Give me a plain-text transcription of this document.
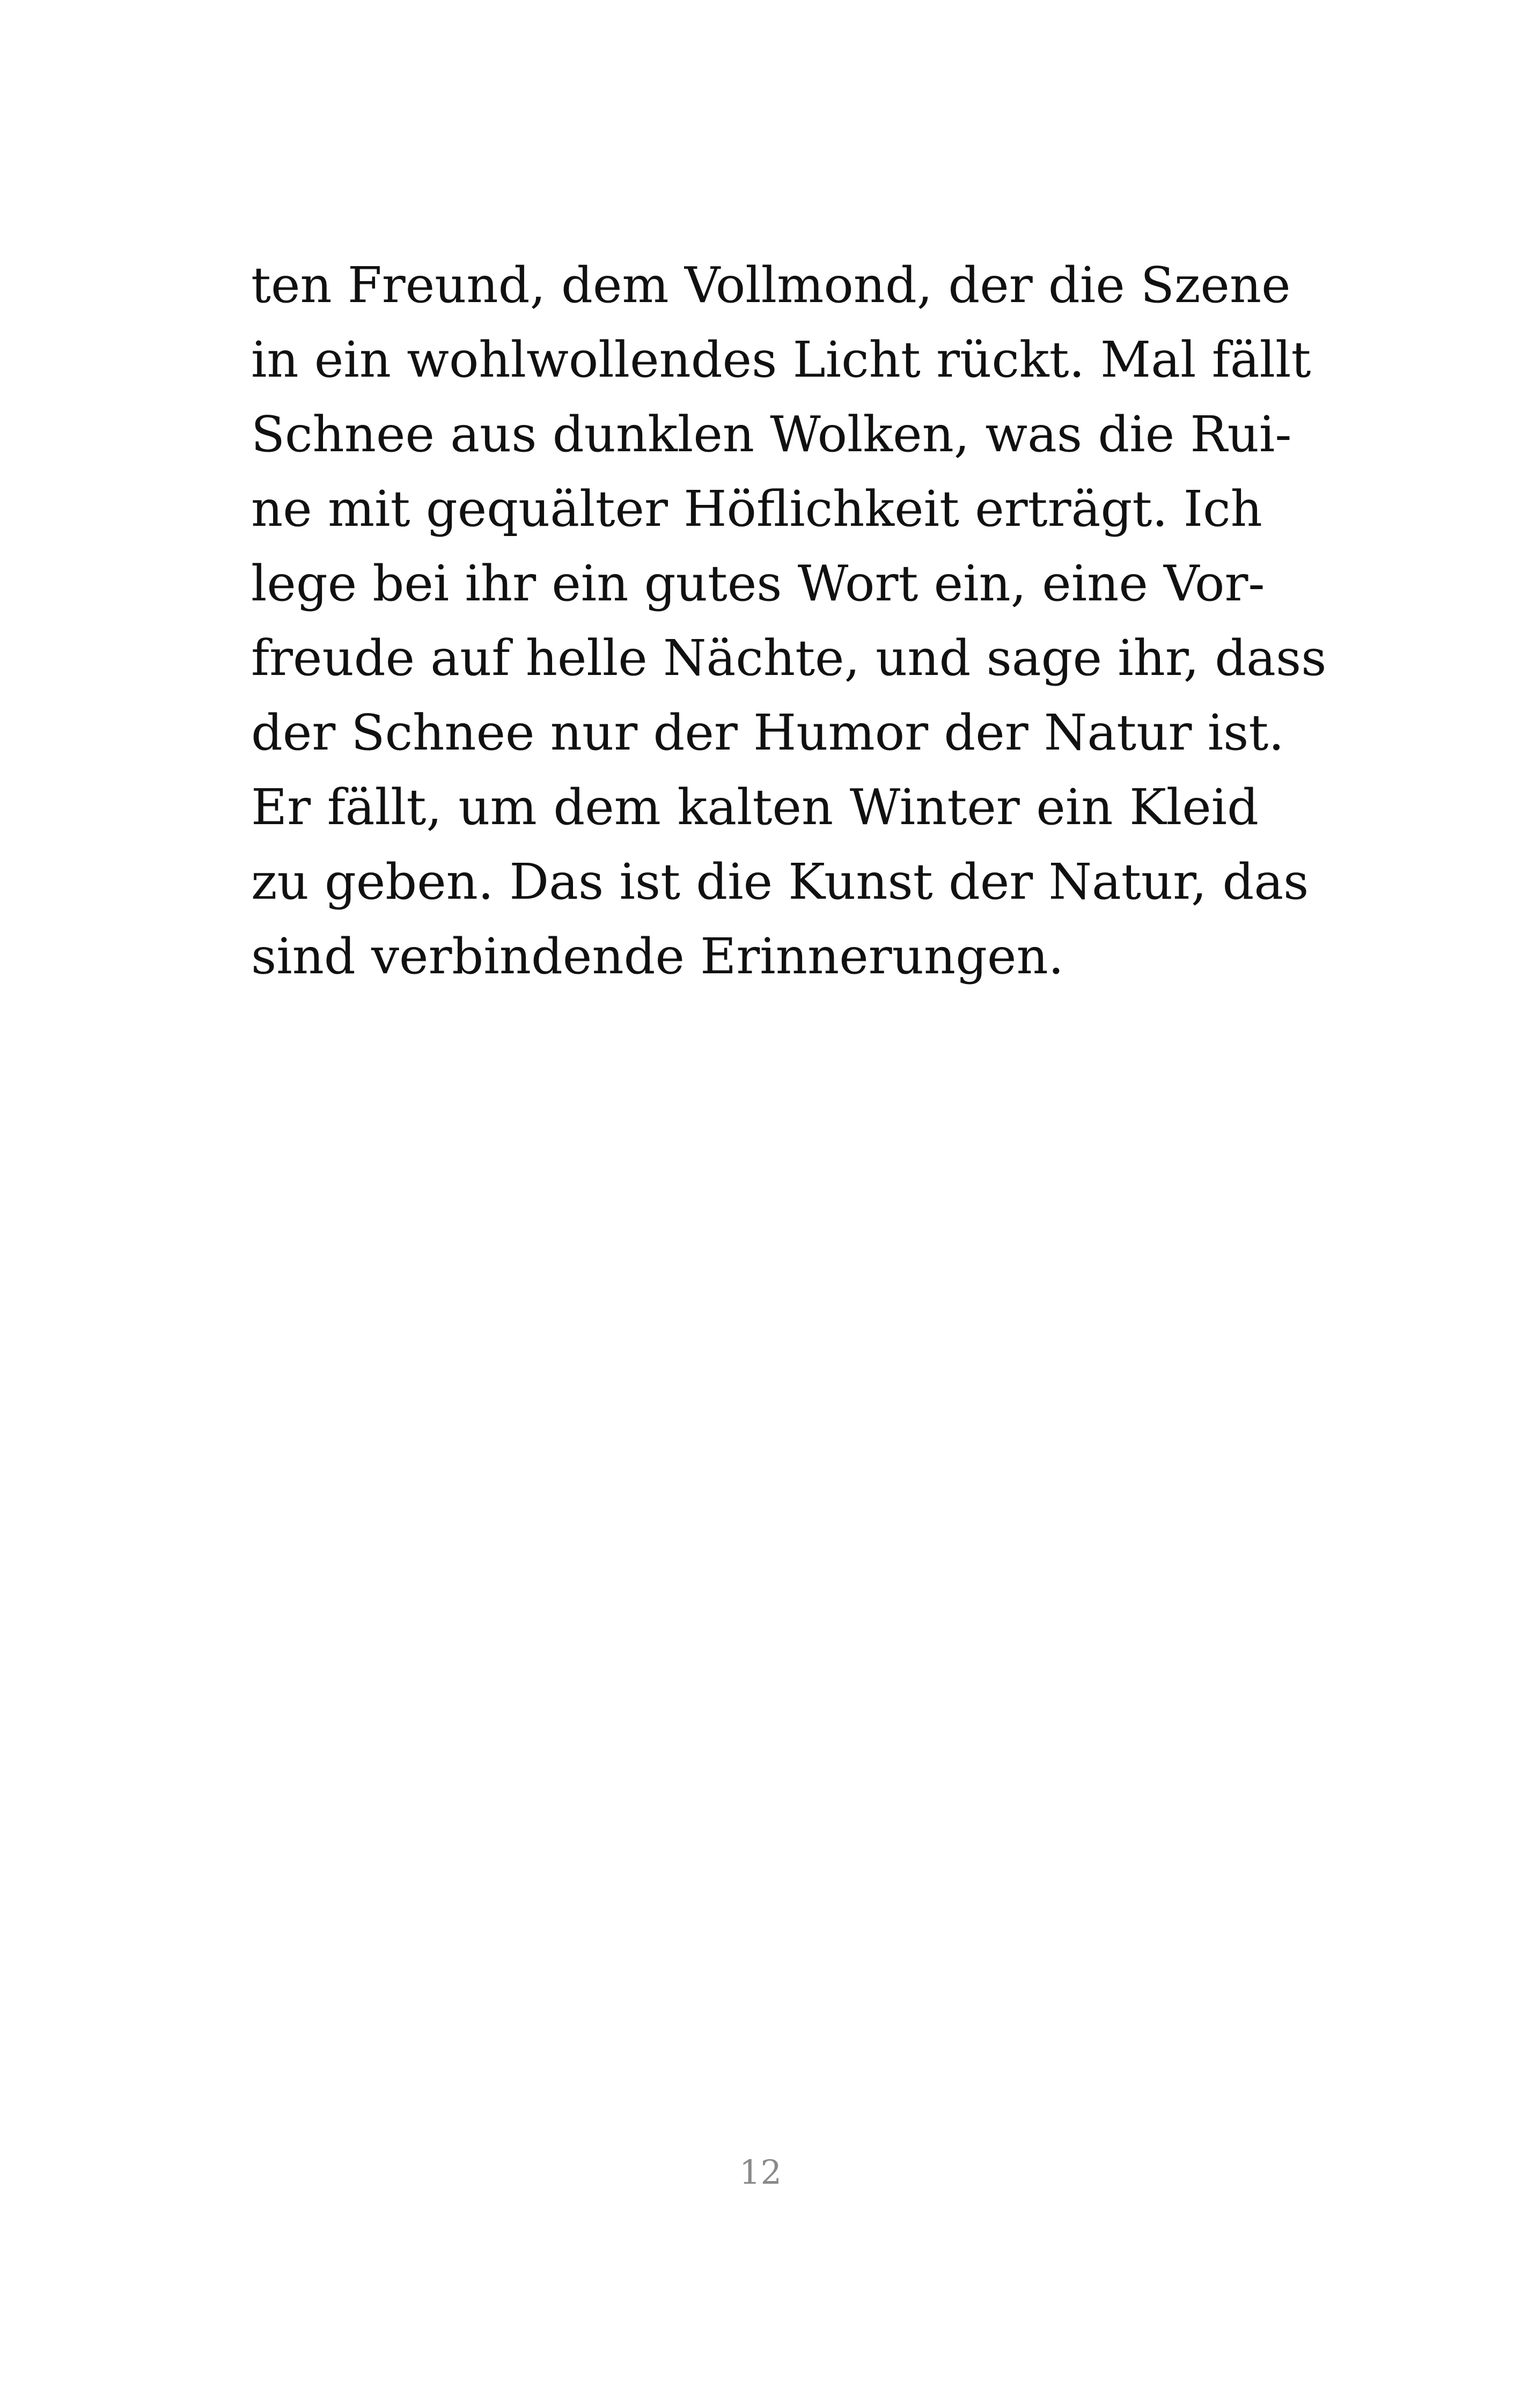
ten Freund, dem Vollmond, der die Szene
in ein wohlwollendes Licht rückt. Mal fällt
Schnee aus dunklen Wolken, was die Rui-
ne mit gequälter Höflichkeit erträgt. Ich
lege bei ihr ein gutes Wort ein, eine Vor-
freude auf helle Nächte, und sage ihr, dass
der Schnee nur der Humor der Natur ist.
Er fällt, um dem kalten Winter ein Kleid
zu geben. Das ist die Kunst der Natur, das
sind verbindende Erinnerungen.
12
